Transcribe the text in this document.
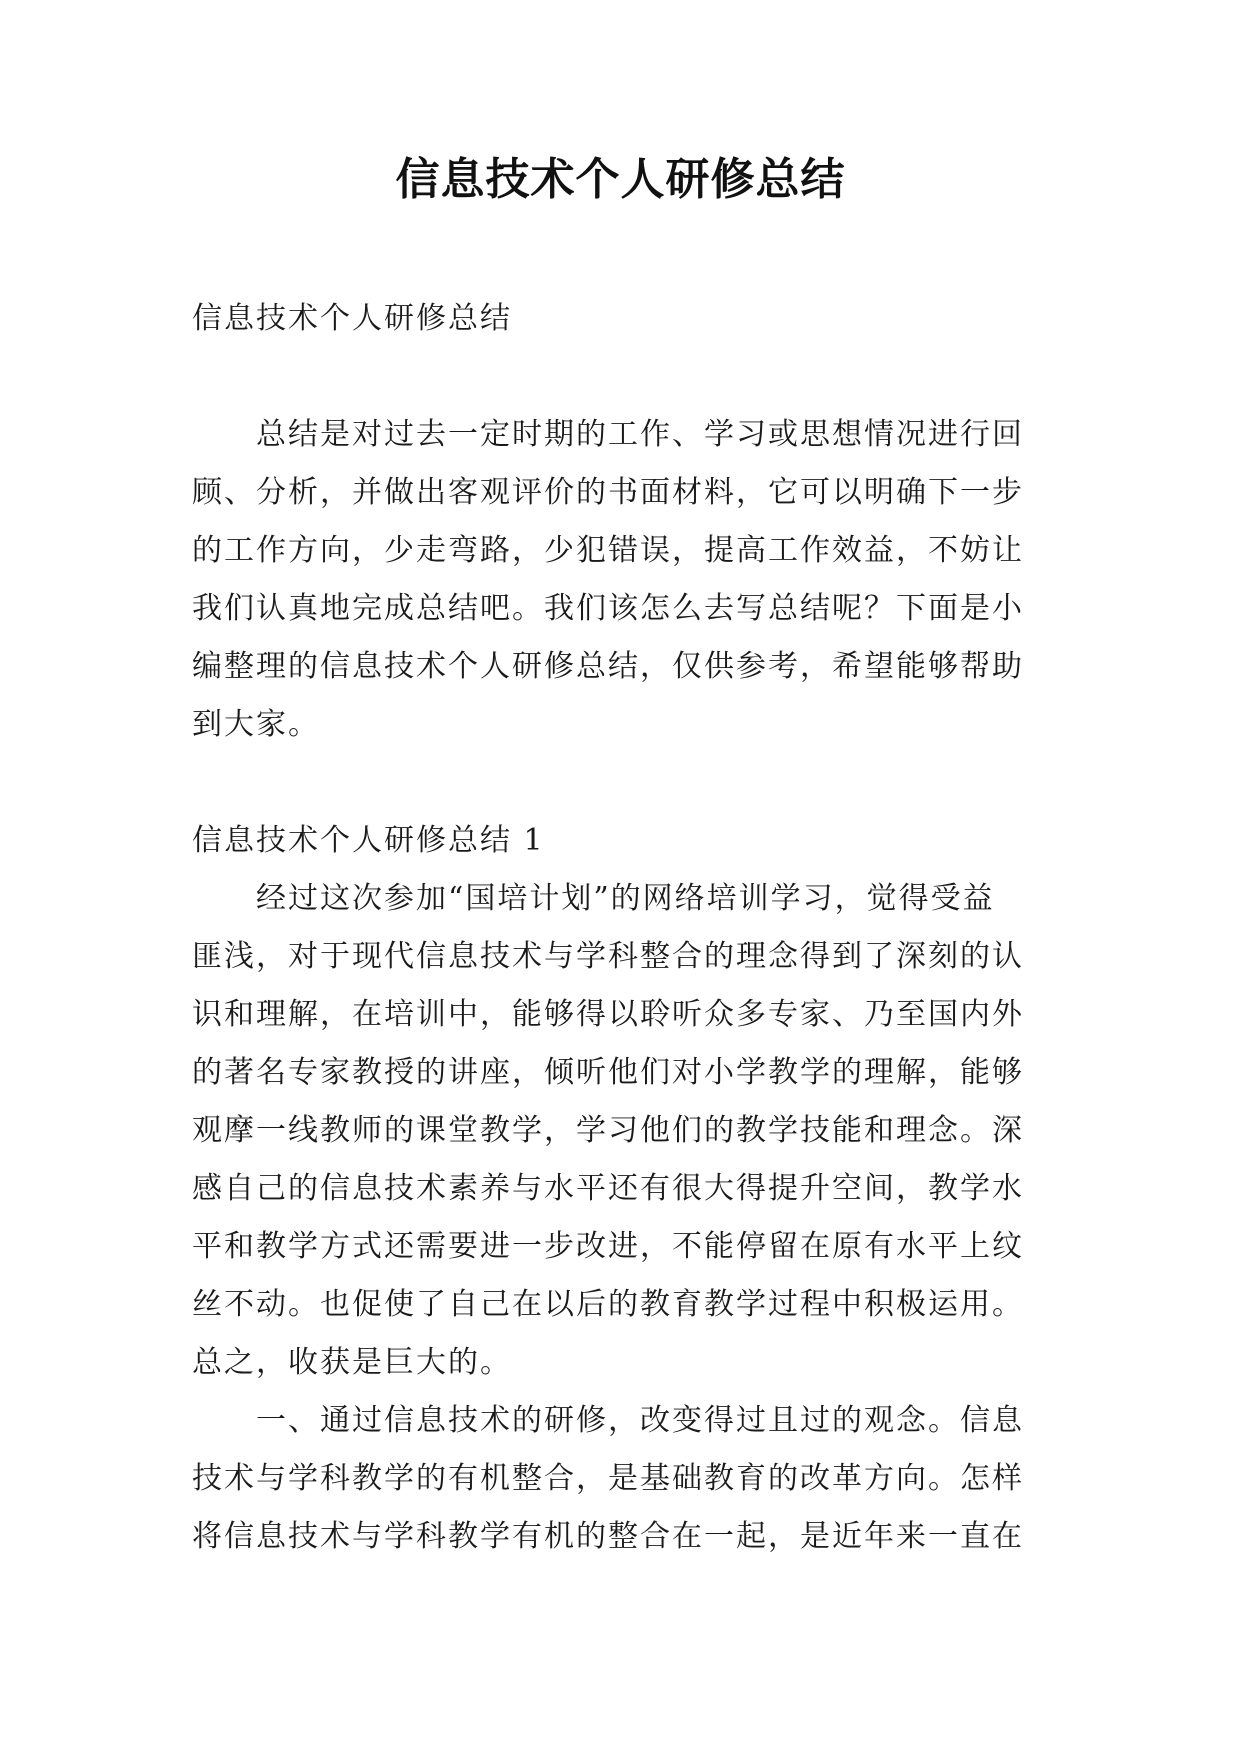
信息技术个人研修总结

信息技术个人研修总结

总结是对过去一定时期的工作、学习或思想情况进行回

顾、分析，并做出客观评价的书面材料，它可以明确下一步

的工作方向，少走弯路，少犯错误，提高工作效益，不妨让

我们认真地完成总结吧。我们该怎么去写总结呢？下面是小

编整理的信息技术个人研修总结，仅供参考，希望能够帮助

到大家。

信息技术个人研修总结 1

经过这次参加“国培计划”的网络培训学习，觉得受益

匪浅，对于现代信息技术与学科整合的理念得到了深刻的认

识和理解，在培训中，能够得以聆听众多专家、乃至国内外

的著名专家教授的讲座，倾听他们对小学教学的理解，能够

观摩一线教师的课堂教学，学习他们的教学技能和理念。深

感自己的信息技术素养与水平还有很大得提升空间，教学水

平和教学方式还需要进一步改进，不能停留在原有水平上纹

丝不动。也促使了自己在以后的教育教学过程中积极运用。

总之，收获是巨大的。

一、通过信息技术的研修，改变得过且过的观念。信息

技术与学科教学的有机整合，是基础教育的改革方向。怎样

将信息技术与学科教学有机的整合在一起，是近年来一直在
